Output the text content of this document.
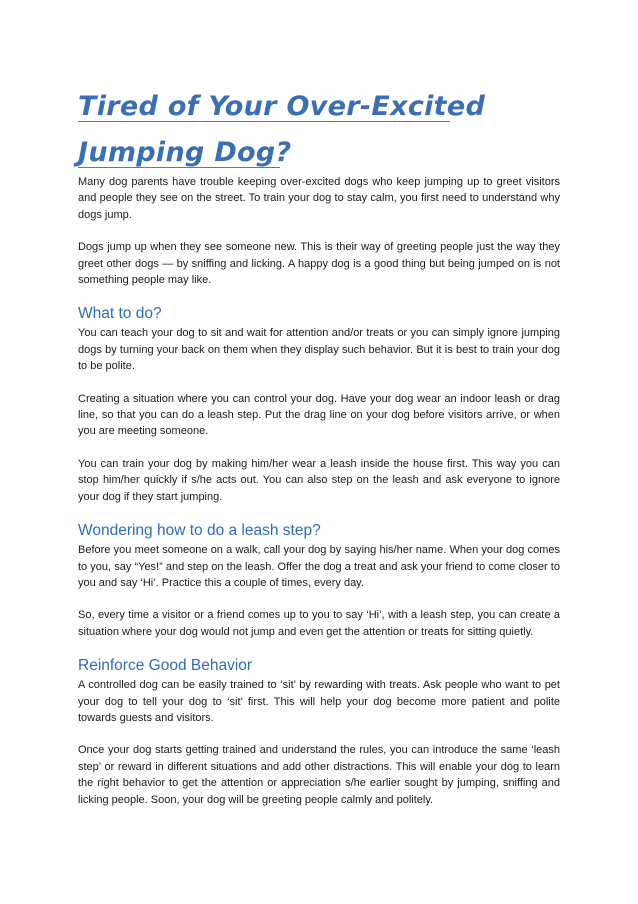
Tired of Your Over-Excited
Jumping Dog?

Many dog parents have trouble keeping over-excited dogs who keep jumping up to greet visitors and people they see on the street. To train your dog to stay calm, you first need to understand why dogs jump.

Dogs jump up when they see someone new. This is their way of greeting people just the way they greet other dogs — by sniffing and licking. A happy dog is a good thing but being jumped on is not something people may like.

What to do?

You can teach your dog to sit and wait for attention and/or treats or you can simply ignore jumping dogs by turning your back on them when they display such behavior. But it is best to train your dog to be polite.

Creating a situation where you can control your dog. Have your dog wear an indoor leash or drag line, so that you can do a leash step. Put the drag line on your dog before visitors arrive, or when you are meeting someone.

You can train your dog by making him/her wear a leash inside the house first. This way you can stop him/her quickly if s/he acts out. You can also step on the leash and ask everyone to ignore your dog if they start jumping.

Wondering how to do a leash step?

Before you meet someone on a walk, call your dog by saying his/her name. When your dog comes to you, say “Yes!” and step on the leash. Offer the dog a treat and ask your friend to come closer to you and say ‘Hi’. Practice this a couple of times, every day.

So, every time a visitor or a friend comes up to you to say ‘Hi’, with a leash step, you can create a situation where your dog would not jump and even get the attention or treats for sitting quietly.

Reinforce Good Behavior

A controlled dog can be easily trained to ‘sit’ by rewarding with treats. Ask people who want to pet your dog to tell your dog to ‘sit’ first. This will help your dog become more patient and polite towards guests and visitors.

Once your dog starts getting trained and understand the rules, you can introduce the same ‘leash step’ or reward in different situations and add other distractions. This will enable your dog to learn the right behavior to get the attention or appreciation s/he earlier sought by jumping, sniffing and licking people. Soon, your dog will be greeting people calmly and politely.
